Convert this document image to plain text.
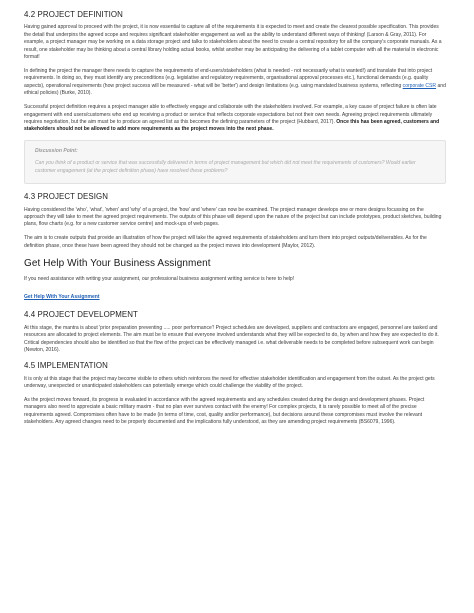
4.2 PROJECT DEFINITION

Having gained approval to proceed with the project, it is now essential to capture all of the requirements it is expected to meet and create the clearest possible specification. This provides the detail that underpins the agreed scope and requires significant stakeholder engagement as well as the ability to understand different ways of thinking! (Larson & Gray, 2011). For example, a project manager may be working on a data storage project and talks to stakeholders about the need to create a central repository for all the company's corporate manuals. As a result, one stakeholder may be thinking about a central library holding actual books, whilst another may be anticipating the delivering of a tablet computer with all the material in electronic format!

In defining the project the manager there needs to capture the requirements of end-users/stakeholders (what is needed - not necessarily what is wanted!) and translate that into project requirements. In doing so, they must identify any preconditions (e.g. legislative and regulatory requirements, organisational approval processes etc.), functional demands (e.g. quality aspects), operational requirements (how project success will be measured - what will be 'better') and design limitations (e.g. using mandated business systems, reflecting corporate CSR and ethical policies) (Burke, 2010).

Successful project definition requires a project manager able to effectively engage and collaborate with the stakeholders involved. For example, a key cause of project failure is often late engagement with end users/customers who end up receiving a product or service that reflects corporate expectations but not their own needs. Agreeing project requirements ultimately requires negotiation, but the aim must be to produce an agreed list as this becomes the defining parameters of the project (Hubbard, 2017). Once this has been agreed, customers and stakeholders should not be allowed to add more requirements as the project moves into the next phase.

Discussion Point:
Can you think of a product or service that was successfully delivered in terms of project management but which did not meet the requirements of customers? Would earlier customer engagement (at the project definition phase) have resolved these problems?
4.3 PROJECT DESIGN

Having considered the 'who', 'what', 'when' and 'why' of a project, the 'how' and 'where' can now be examined. The project manager develops one or more designs focussing on the approach they will take to meet the agreed project requirements. The outputs of this phase will depend upon the nature of the project but can include prototypes, product sketches, building plans, flow charts (e.g. for a new customer service centre) and mock-ups of web pages.

The aim is to create outputs that provide an illustration of how the project will take the agreed requirements of stakeholders and turn them into project outputs/deliverables. As for the definition phase, once these have been agreed they should not be changed as the project moves into development (Maylor, 2012).

Get Help With Your Business Assignment

If you need assistance with writing your assignment, our professional business assignment writing service is here to help!

Get Help With Your Assignment
4.4 PROJECT DEVELOPMENT

At this stage, the mantra is about 'prior preparation preventing ..... poor performance'! Project schedules are developed, suppliers and contractors are engaged, personnel are tasked and resources are allocated to project elements. The aim must be to ensure that everyone involved understands what they will be expected to do, by when and how they are expected to do it. Critical dependencies should also be identified so that the flow of the project can be effectively managed i.e. what deliverable needs to be completed before subsequent work can begin (Newton, 2016).

4.5 IMPLEMENTATION

It is only at this stage that the project may become visible to others which reinforces the need for effective stakeholder identification and engagement from the outset. As the project gets underway, unexpected or unanticipated stakeholders can potentially emerge which could challenge the viability of the project.

As the project moves forward, its progress is evaluated in accordance with the agreed requirements and any schedules created during the design and development phases. Project managers also need to appreciate a basic military maxim - that no plan ever survives contact with the enemy! For complex projects, it is rarely possible to meet all of the precise requirements agreed. Compromises often have to be made (in terms of time, cost, quality and/or performance), but decisions around these compromises must involve the relevant stakeholders. Any agreed changes need to be properly documented and the implications fully understood, as they are amending project requirements (BS6079, 1996).
